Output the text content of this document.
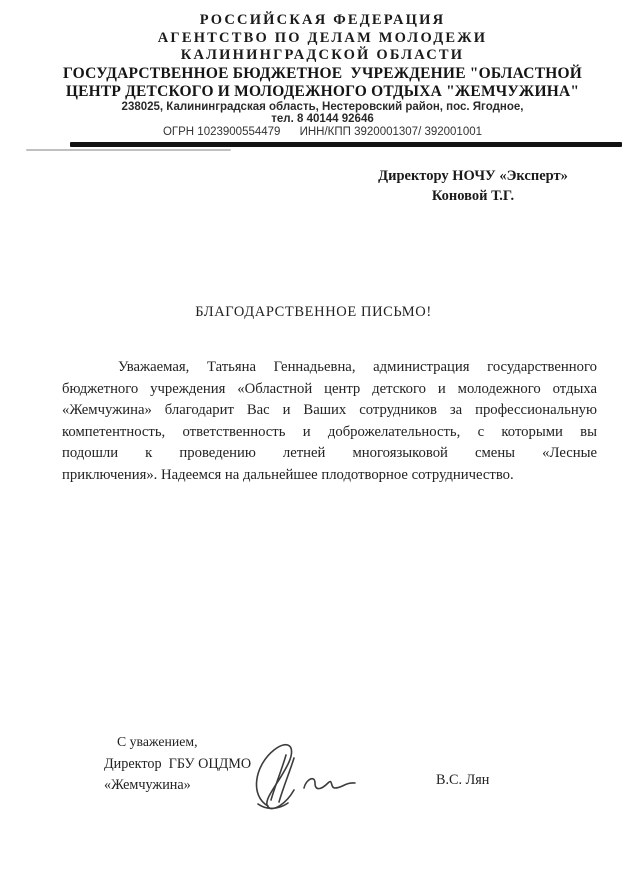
РОССИЙСКАЯ ФЕДЕРАЦИЯ
АГЕНТСТВО ПО ДЕЛАМ МОЛОДЕЖИ
КАЛИНИНГРАДСКОЙ ОБЛАСТИ
ГОСУДАРСТВЕННОЕ БЮДЖЕТНОЕ  УЧРЕЖДЕНИЕ "ОБЛАСТНОЙ
ЦЕНТР ДЕТСКОГО И МОЛОДЕЖНОГО ОТДЫХА "ЖЕМЧУЖИНА"
238025, Калининградская область, Нестеровский район, пос. Ягодное,
тел. 8 40144 92646
ОГРН 1023900554479      ИНН/КПП 3920001307/ 392001001
Директору НОЧУ «Эксперт»
Коновой Т.Г.
БЛАГОДАРСТВЕННОЕ ПИСЬМО!
Уважаемая, Татьяна Геннадьевна, администрация государственного
бюджетного учреждения «Областной центр детского и молодежного отдыха
«Жемчужина» благодарит Вас и Ваших сотрудников за профессиональную
компетентность, ответственность и доброжелательность, с которыми вы
подошли к проведению летней многоязыковой смены «Лесные
приключения». Надеемся на дальнейшее плодотворное сотрудничество.
С уважением,
Директор  ГБУ ОЦДМО
«Жемчужина»	В.С. Лян
